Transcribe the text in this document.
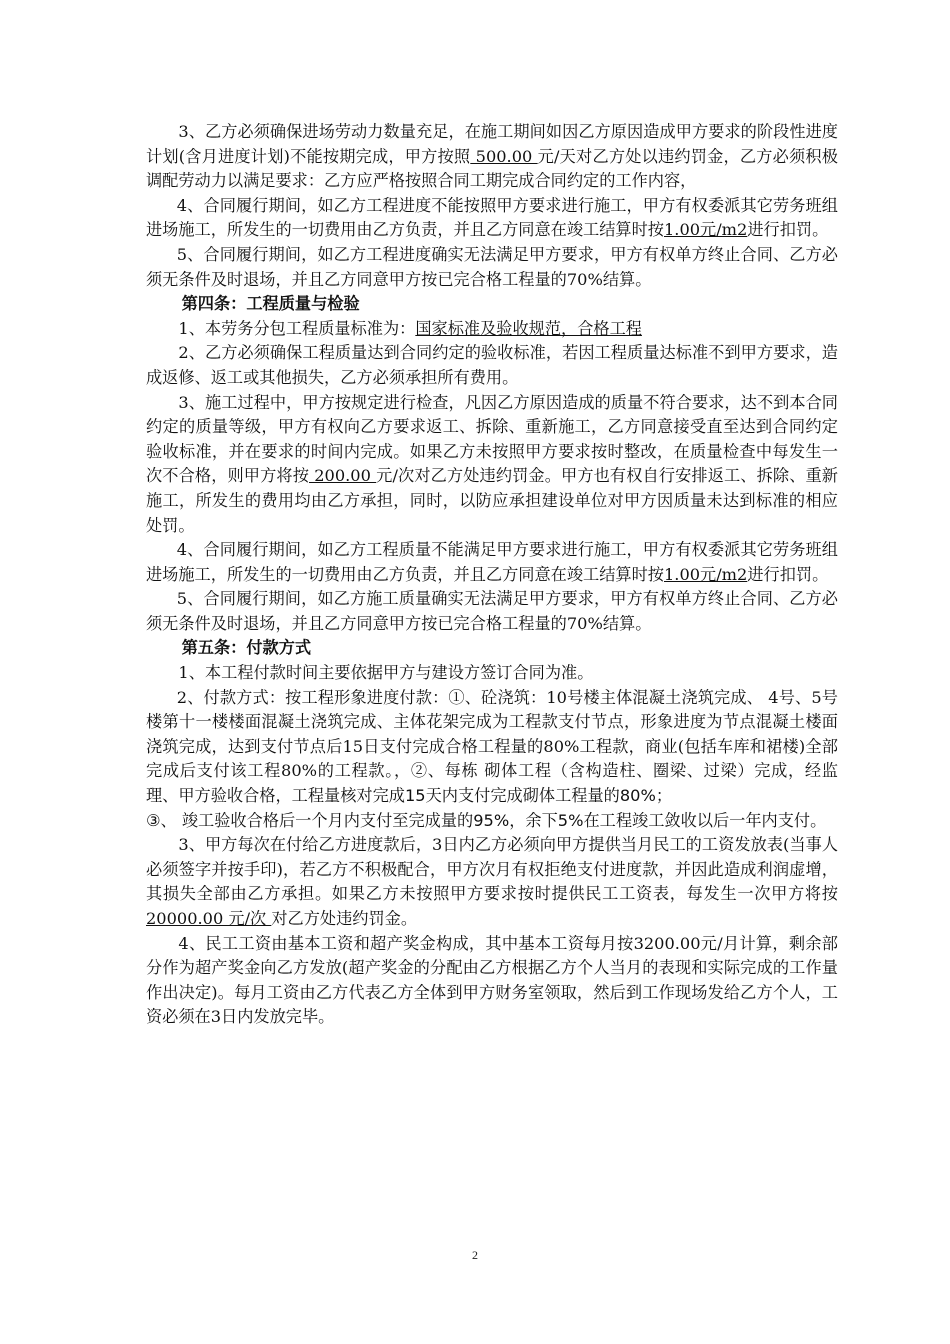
3、乙方必须确保进场劳动力数量充足，在施工期间如因乙方原因造成甲方要求的阶段性进度计划(含月进度计划)不能按期完成，甲方按照 500.00 元/天对乙方处以违约罚金，乙方必须积极调配劳动力以满足要求：乙方应严格按照合同工期完成合同约定的工作内容，

4、合同履行期间，如乙方工程进度不能按照甲方要求进行施工，甲方有权委派其它劳务班组进场施工，所发生的一切费用由乙方负责，并且乙方同意在竣工结算时按1.00元/m2进行扣罚。

5、合同履行期间，如乙方工程进度确实无法满足甲方要求，甲方有权单方终止合同、乙方必须无条件及时退场，并且乙方同意甲方按已完合格工程量的70%结算。

第四条：工程质量与检验

1、本劳务分包工程质量标准为：国家标准及验收规范，合格工程

2、乙方必须确保工程质量达到合同约定的验收标准，若因工程质量达标准不到甲方要求，造成返修、返工或其他损失，乙方必须承担所有费用。

3、施工过程中，甲方按规定进行检查，凡因乙方原因造成的质量不符合要求，达不到本合同约定的质量等级，甲方有权向乙方要求返工、拆除、重新施工，乙方同意接受直至达到合同约定验收标准，并在要求的时间内完成。如果乙方未按照甲方要求按时整改，在质量检查中每发生一次不合格，则甲方将按 200.00 元/次对乙方处违约罚金。甲方也有权自行安排返工、拆除、重新施工，所发生的费用均由乙方承担，同时，以防应承担建设单位对甲方因质量未达到标准的相应处罚。

4、合同履行期间，如乙方工程质量不能满足甲方要求进行施工，甲方有权委派其它劳务班组进场施工，所发生的一切费用由乙方负责，并且乙方同意在竣工结算时按1.00元/m2进行扣罚。

5、合同履行期间，如乙方施工质量确实无法满足甲方要求，甲方有权单方终止合同、乙方必须无条件及时退场，并且乙方同意甲方按已完合格工程量的70%结算。

第五条：付款方式

1、本工程付款时间主要依据甲方与建设方签订合同为准。

2、付款方式：按工程形象进度付款：①、砼浇筑：10号楼主体混凝土浇筑完成、 4号、5号楼第十一楼楼面混凝土浇筑完成、主体花架完成为工程款支付节点，形象进度为节点混凝土楼面浇筑完成，达到支付节点后15日支付完成合格工程量的80%工程款，商业(包括车库和裙楼)全部完成后支付该工程80%的工程款。，②、每栋 砌体工程（含构造柱、圈梁、过梁）完成，经监理、甲方验收合格，工程量核对完成15天内支付完成砌体工程量的80%；

③、 竣工验收合格后一个月内支付至完成量的95%，余下5%在工程竣工敛收以后一年内支付。

3、甲方每次在付给乙方进度款后，3日内乙方必须向甲方提供当月民工的工资发放表(当事人必须签字并按手印)，若乙方不积极配合，甲方次月有权拒绝支付进度款，并因此造成利润虚增，其损失全部由乙方承担。如果乙方未按照甲方要求按时提供民工工资表，每发生一次甲方将按 20000.00 元/次 对乙方处违约罚金。

4、民工工资由基本工资和超产奖金构成，其中基本工资每月按3200.00元/月计算，剩余部分作为超产奖金向乙方发放(超产奖金的分配由乙方根据乙方个人当月的表现和实际完成的工作量作出决定)。每月工资由乙方代表乙方全体到甲方财务室领取，然后到工作现场发给乙方个人，工资必须在3日内发放完毕。

2
